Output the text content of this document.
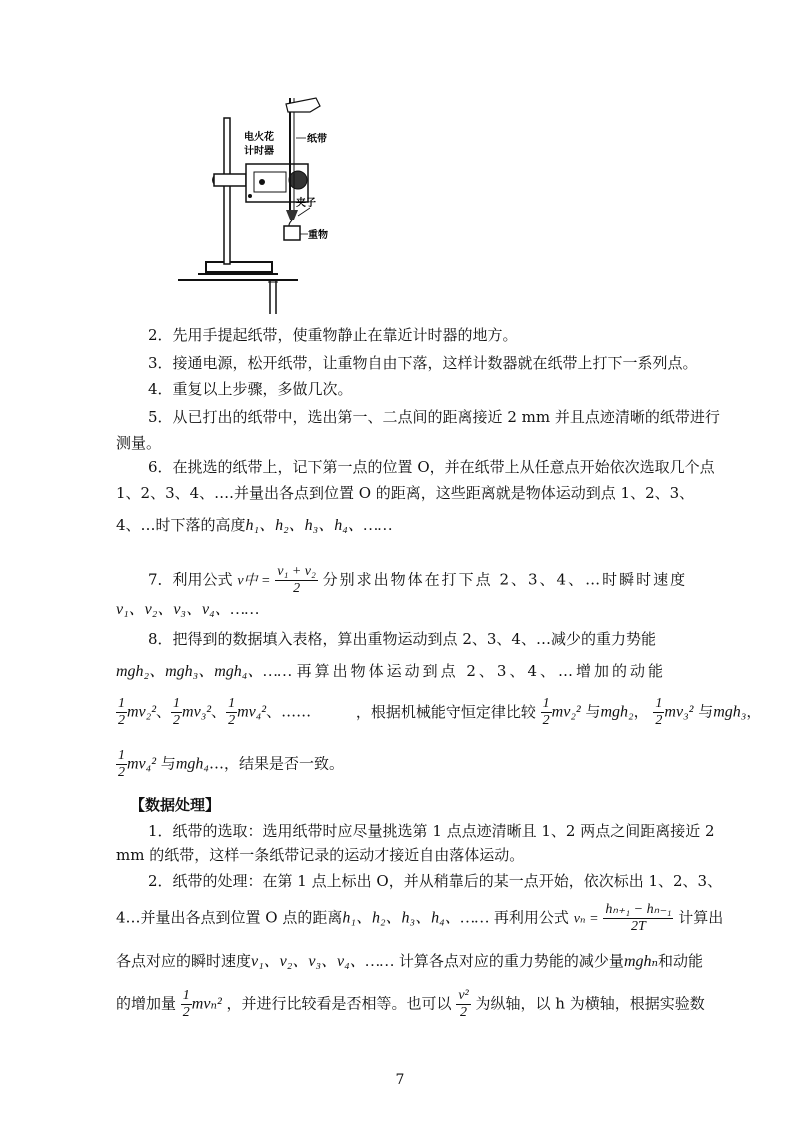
电火花
计时器
纸带
夹子
重物
2．先用手提起纸带，使重物静止在靠近计时器的地方。
3．接通电源，松开纸带，让重物自由下落，这样计数器就在纸带上打下一系列点。
4．重复以上步骤，多做几次。
5．从已打出的纸带中，选出第一、二点间的距离接近 2 mm 并且点迹清晰的纸带进行
测量。
6．在挑选的纸带上，记下第一点的位置 O，并在纸带上从任意点开始依次选取几个点
1、2、3、4、….并量出各点到位置 O 的距离，这些距离就是物体运动到点 1、2、3、
4、…时下落的高度h₁、h₂、h₃、h₄、……
7．利用公式 v中 = $\frac{\text{v₁ + v₂}}{2}$ 分别求出物体在打下点 2、3、4、…时瞬时速度
v₁、v₂、v₃、v₄、……
8．把得到的数据填入表格，算出重物运动到点 2、3、4、…减少的重力势能
mgh₂、mgh₃、mgh₄、…… 再算出物体运动到点 2、3、4、…增加的动能
$\frac{1}{2} mv_2^2$、 $\frac{1}{2} mv_3^2$、 $\frac{1}{2} mv_4^2$、……	，根据机械能守恒定律比较 $\frac{1}{2} mv_2^2$ 与mgh₂， $\frac{1}{2} mv_3^2$ 与mgh₃，
$\frac{1}{2} mv_4^2$ 与mgh₄…，结果是否一致。
【数据处理】
1．纸带的选取：选用纸带时应尽量挑选第 1 点点迹清晰且 1、2 两点之间距离接近 2
mm 的纸带，这样一条纸带记录的运动才接近自由落体运动。
2．纸带的处理：在第 1 点上标出 O，并从稍靠后的某一点开始，依次标出 1、2、3、
4…并量出各点到位置 O 点的距离h₁、h₂、h₃、h₄、…… 再利用公式 $v_n = \frac{\text{hₙ₊₁ − hₙ₋₁}}{2T}$ 计算出
各点对应的瞬时速度v₁、v₂、v₃、v₄、…… 计算各点对应的重力势能的减少量mghₙ和动能
的增加量 $\frac{1}{2} mv_n^2$ ，并进行比较看是否相等。也可以 $\frac{\text{v²}}{2}$ 为纵轴，以 h 为横轴，根据实验数
7
